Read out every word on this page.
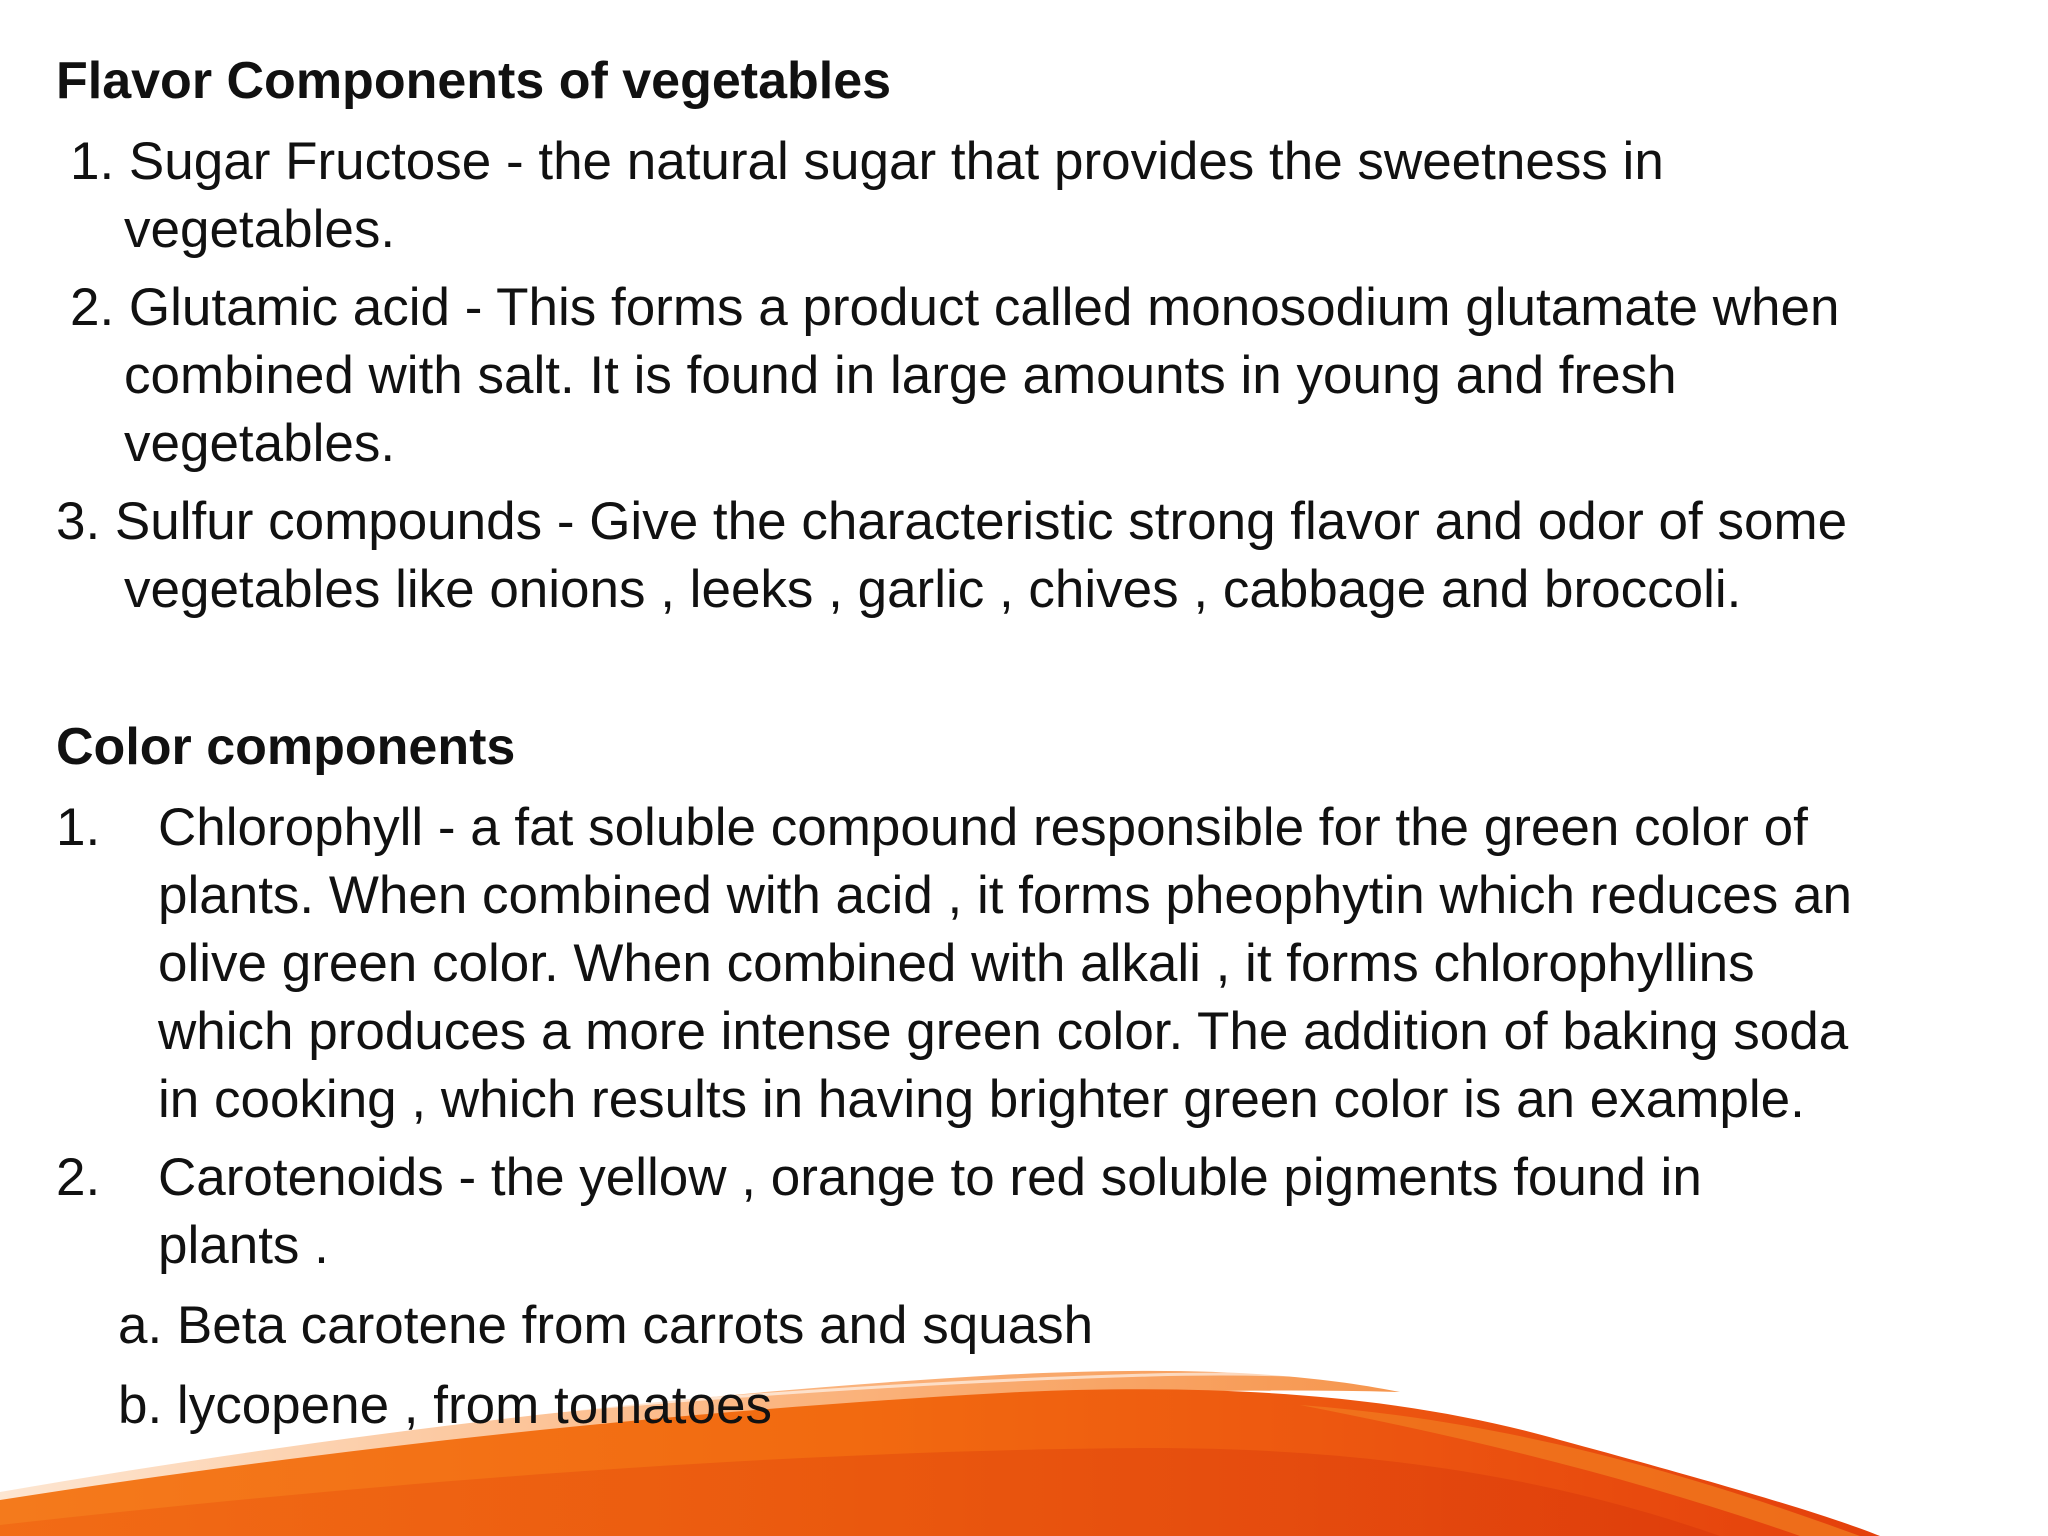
Flavor Components of vegetables
1. Sugar Fructose - the natural sugar that provides the sweetness in
vegetables.
2. Glutamic acid - This forms a product called monosodium glutamate when
combined with salt. It is found in large amounts in young and fresh
vegetables.
3. Sulfur compounds - Give the characteristic strong flavor and odor of some
vegetables like onions , leeks , garlic , chives , cabbage and broccoli.
Color components
1. Chlorophyll - a fat soluble compound responsible for the green color of
plants. When combined with acid , it forms pheophytin which reduces an
olive green color. When combined with alkali , it forms chlorophyllins
which produces a more intense green color. The addition of baking soda
in cooking , which results in having brighter green color is an example.
2. Carotenoids - the yellow , orange to red soluble pigments found in
plants .
a. Beta carotene from carrots and squash
b. lycopene , from tomatoes
